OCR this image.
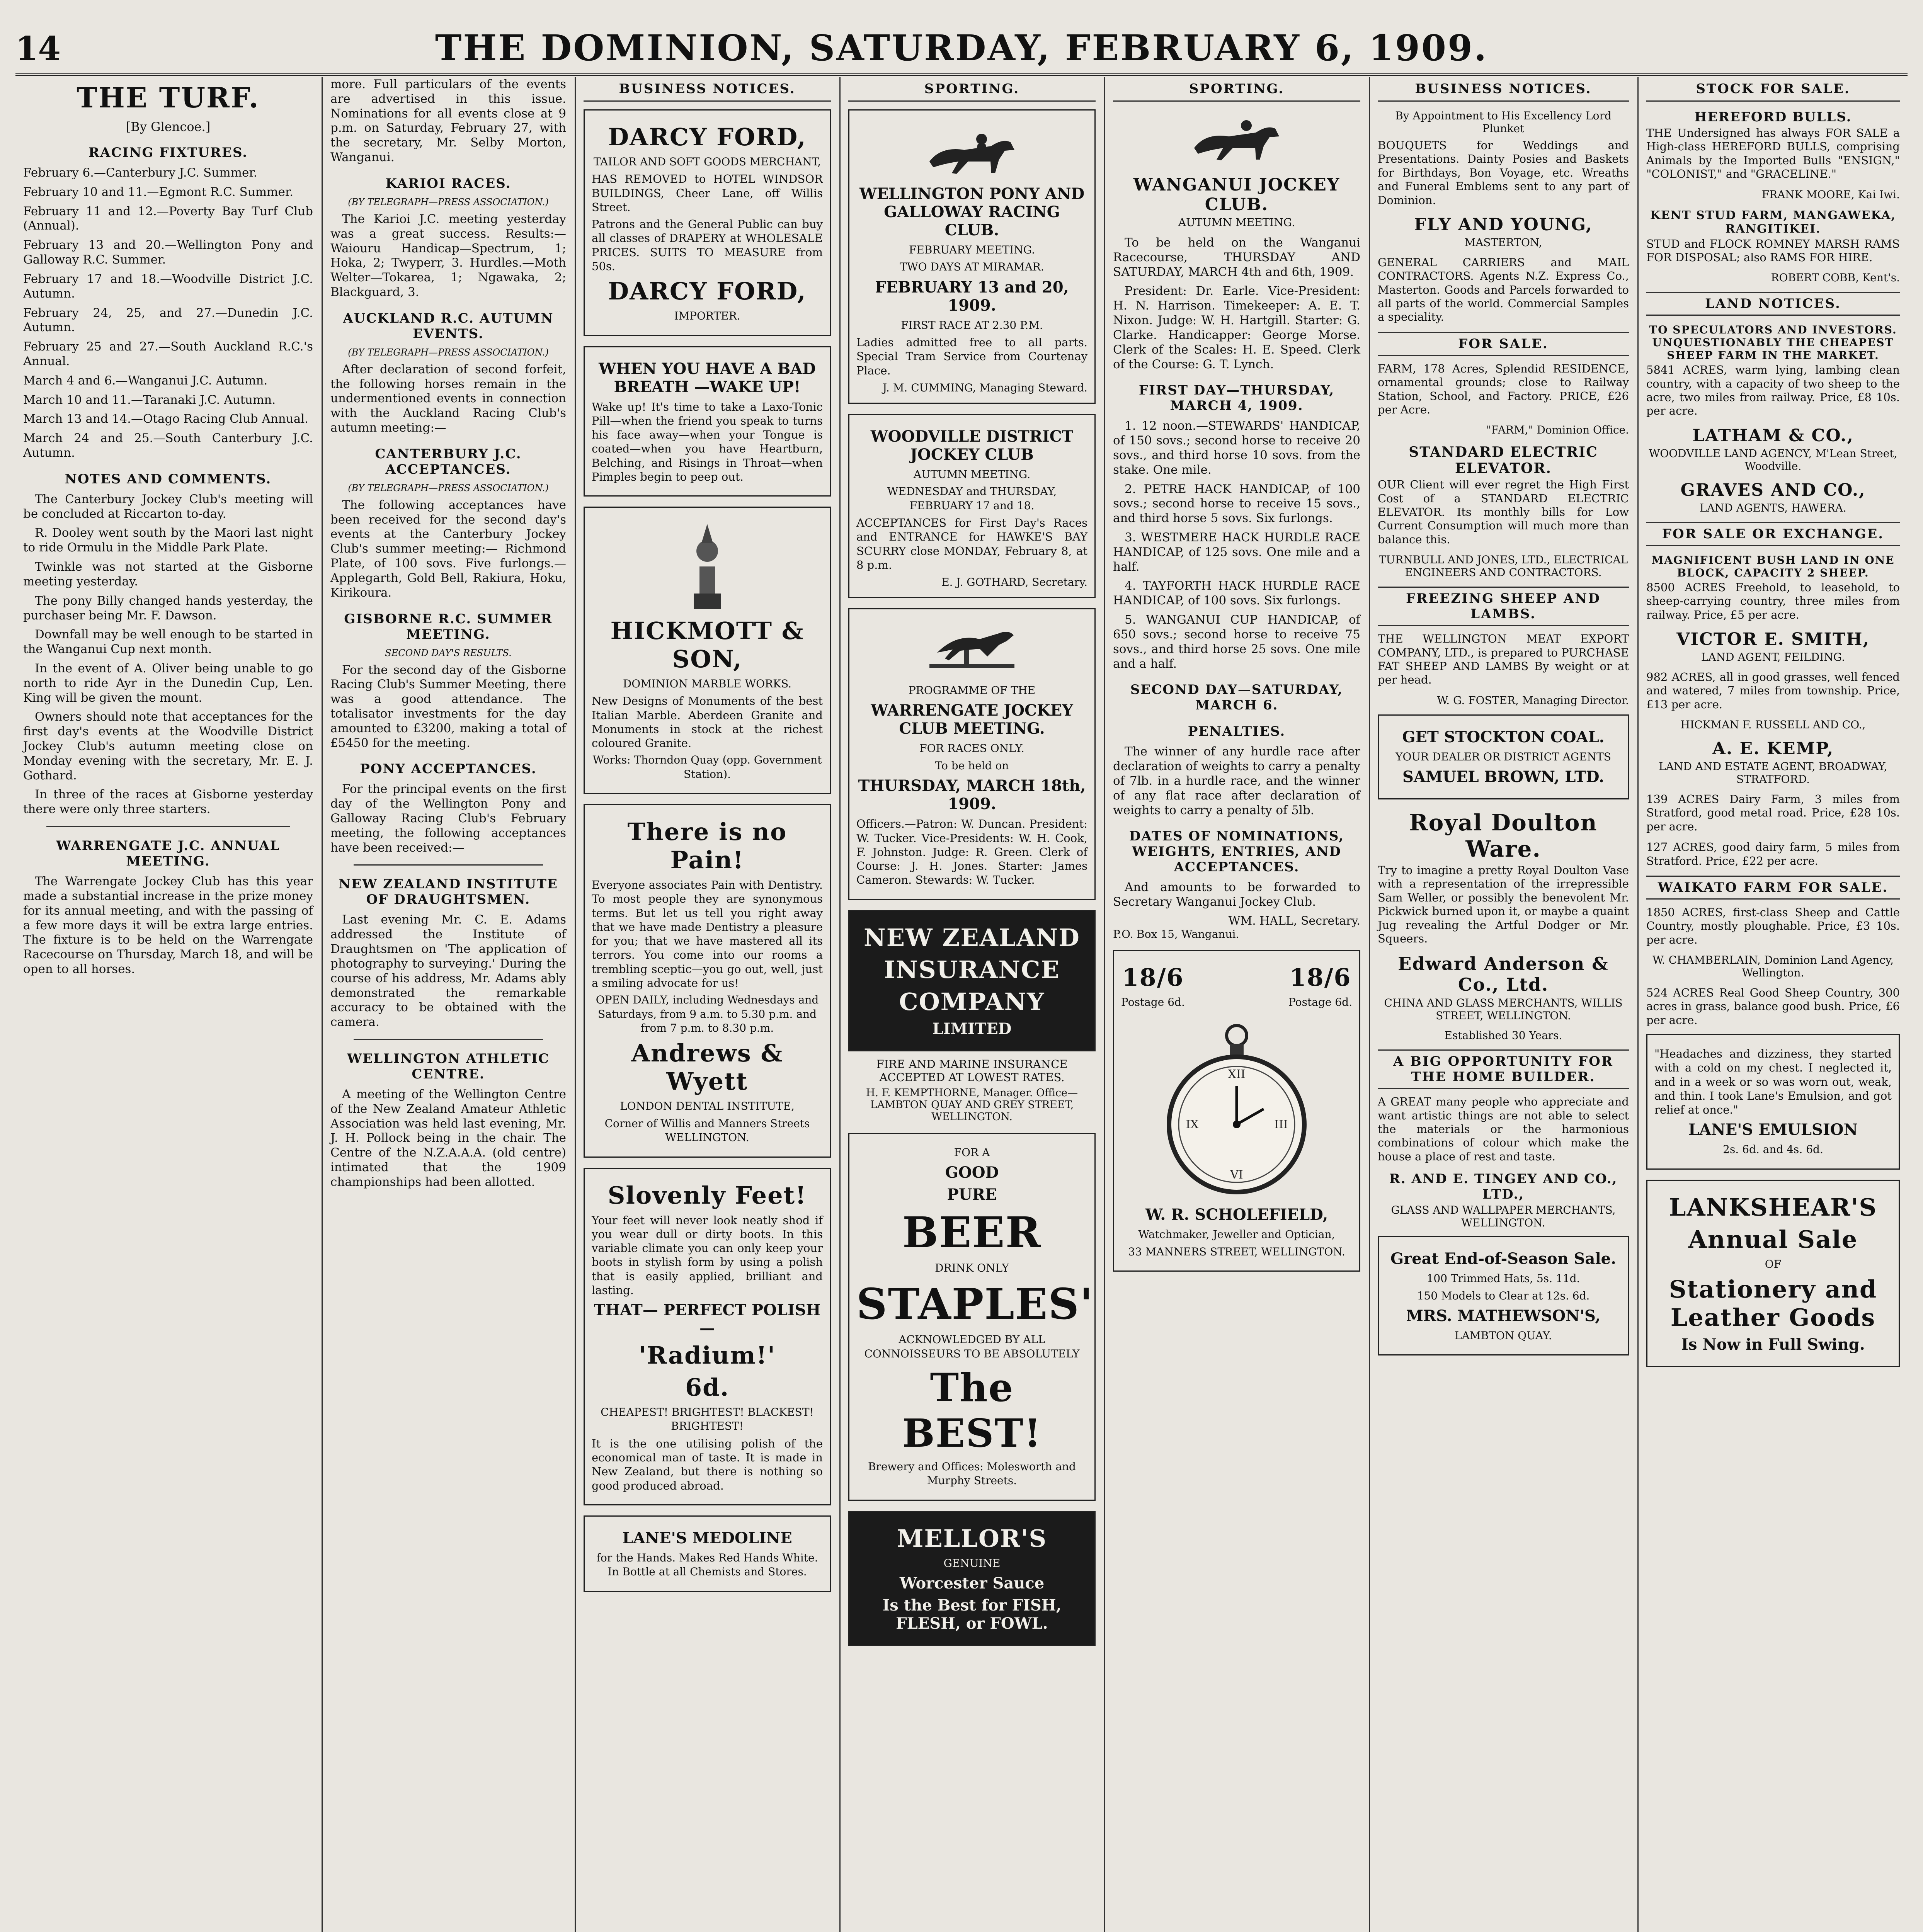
14	THE DOMINION, SATURDAY, FEBRUARY 6, 1909.
THE TURF.
[By Glencoe.]
RACING FIXTURES.

February 6.—Canterbury J.C. Summer.

February 10 and 11.—Egmont R.C. Summer.

February 11 and 12.—Poverty Bay Turf Club (Annual).

February 13 and 20.—Wellington Pony and Galloway R.C. Summer.

February 17 and 18.—Woodville District J.C. Autumn.

February 24, 25, and 27.—Dunedin J.C. Autumn.

February 25 and 27.—South Auckland R.C.'s Annual.

March 4 and 6.—Wanganui J.C. Autumn.

March 10 and 11.—Taranaki J.C. Autumn.

March 13 and 14.—Otago Racing Club Annual.

March 24 and 25.—South Canterbury J.C. Autumn.

NOTES AND COMMENTS.

The Canterbury Jockey Club's meeting will be concluded at Riccarton to-day.

R. Dooley went south by the Maori last night to ride Ormulu in the Middle Park Plate.

Twinkle was not started at the Gisborne meeting yesterday.

The pony Billy changed hands yesterday, the purchaser being Mr. F. Dawson.

Downfall may be well enough to be started in the Wanganui Cup next month.

In the event of A. Oliver being unable to go north to ride Ayr in the Dunedin Cup, Len. King will be given the mount.

Owners should note that acceptances for the first day's events at the Woodville District Jockey Club's autumn meeting close on Monday evening with the secretary, Mr. E. J. Gothard.

In three of the races at Gisborne yesterday there were only three starters.

WARRENGATE J.C. ANNUAL MEETING.

The Warrengate Jockey Club has this year made a substantial increase in the prize money for its annual meeting, and with the passing of a few more days it will be extra large entries. The fixture is to be held on the Warrengate Racecourse on Thursday, March 18, and will be open to all horses.

more. Full particulars of the events are advertised in this issue. Nominations for all events close at 9 p.m. on Saturday, February 27, with the secretary, Mr. Selby Morton, Wanganui.

KARIOI RACES.
(BY TELEGRAPH—PRESS ASSOCIATION.)

The Karioi J.C. meeting yesterday was a great success. Results:—Waiouru Handicap—Spectrum, 1; Hoka, 2; Twyperr, 3. Hurdles.—Moth Welter—Tokarea, 1; Ngawaka, 2; Blackguard, 3.

AUCKLAND R.C. AUTUMN EVENTS.
(BY TELEGRAPH—PRESS ASSOCIATION.)

After declaration of second forfeit, the following horses remain in the undermentioned events in connection with the Auckland Racing Club's autumn meeting:—

CANTERBURY J.C. ACCEPTANCES.
(BY TELEGRAPH—PRESS ASSOCIATION.)

The following acceptances have been received for the second day's events at the Canterbury Jockey Club's summer meeting:— Richmond Plate, of 100 sovs. Five furlongs.—Applegarth, Gold Bell, Rakiura, Hoku, Kirikoura.

GISBORNE R.C. SUMMER MEETING.
SECOND DAY'S RESULTS.

For the second day of the Gisborne Racing Club's Summer Meeting, there was a good attendance. The totalisator investments for the day amounted to £3200, making a total of £5450 for the meeting.

PONY ACCEPTANCES.

For the principal events on the first day of the Wellington Pony and Galloway Racing Club's February meeting, the following acceptances have been received:—

NEW ZEALAND INSTITUTE OF DRAUGHTSMEN.

Last evening Mr. C. E. Adams addressed the Institute of Draughtsmen on 'The application of photography to surveying.' During the course of his address, Mr. Adams ably demonstrated the remarkable accuracy to be obtained with the camera.

WELLINGTON ATHLETIC CENTRE.

A meeting of the Wellington Centre of the New Zealand Amateur Athletic Association was held last evening, Mr. J. H. Pollock being in the chair. The Centre of the N.Z.A.A.A. (old centre) intimated that the 1909 championships had been allotted.

BUSINESS NOTICES.
DARCY FORD,
TAILOR AND SOFT GOODS MERCHANT,
HAS REMOVED to HOTEL WINDSOR BUILDINGS, Cheer Lane, off Willis Street.
Patrons and the General Public can buy all classes of DRAPERY at WHOLESALE PRICES. SUITS TO MEASURE from 50s.
DARCY FORD,
IMPORTER.
WHEN YOU HAVE A BAD BREATH —WAKE UP!
Wake up! It's time to take a Laxo-Tonic Pill—when the friend you speak to turns his face away—when your Tongue is coated—when you have Heartburn, Belching, and Risings in Throat—when Pimples begin to peep out.
HICKMOTT & SON,
DOMINION MARBLE WORKS.
New Designs of Monuments of the best Italian Marble. Aberdeen Granite and Monuments in stock at the richest coloured Granite.
Works: Thorndon Quay (opp. Government Station).
There is no Pain!
Everyone associates Pain with Dentistry. To most people they are synonymous terms. But let us tell you right away that we have made Dentistry a pleasure for you; that we have mastered all its terrors. You come into our rooms a trembling sceptic—you go out, well, just a smiling advocate for us!
OPEN DAILY, including Wednesdays and Saturdays, from 9 a.m. to 5.30 p.m. and from 7 p.m. to 8.30 p.m.
Andrews & Wyett
LONDON DENTAL INSTITUTE,
Corner of Willis and Manners Streets WELLINGTON.
Slovenly Feet!
Your feet will never look neatly shod if you wear dull or dirty boots. In this variable climate you can only keep your boots in stylish form by using a polish that is easily applied, brilliant and lasting.
THAT— PERFECT POLISH—
'Radium!'
6d.
CHEAPEST! BRIGHTEST! BLACKEST! BRIGHTEST!
It is the one utilising polish of the economical man of taste. It is made in New Zealand, but there is nothing so good produced abroad.
LANE'S MEDOLINE
for the Hands. Makes Red Hands White. In Bottle at all Chemists and Stores.
SPORTING.
WELLINGTON PONY AND GALLOWAY RACING CLUB.
FEBRUARY MEETING.
TWO DAYS AT MIRAMAR.
FEBRUARY 13 and 20, 1909.
FIRST RACE AT 2.30 P.M.
Ladies admitted free to all parts. Special Tram Service from Courtenay Place.
J. M. CUMMING, Managing Steward.
WOODVILLE DISTRICT JOCKEY CLUB
AUTUMN MEETING.
WEDNESDAY and THURSDAY, FEBRUARY 17 and 18.
ACCEPTANCES for First Day's Races and ENTRANCE for HAWKE'S BAY SCURRY close MONDAY, February 8, at 8 p.m.
E. J. GOTHARD, Secretary.
PROGRAMME OF THE
WARRENGATE JOCKEY CLUB MEETING.
FOR RACES ONLY.
To be held on
THURSDAY, MARCH 18th, 1909.
Officers.—Patron: W. Duncan. President: W. Tucker. Vice-Presidents: W. H. Cook, F. Johnston. Judge: R. Green. Clerk of Course: J. H. Jones. Starter: James Cameron. Stewards: W. Tucker.
NEW ZEALAND
INSURANCE
COMPANY
LIMITED
FIRE AND MARINE INSURANCE ACCEPTED AT LOWEST RATES.
H. F. KEMPTHORNE, Manager. Office—LAMBTON QUAY AND GREY STREET, WELLINGTON.
FOR A
GOOD
PURE
BEER
DRINK ONLY
STAPLES'
ACKNOWLEDGED BY ALL CONNOISSEURS TO BE ABSOLUTELY
The BEST!
Brewery and Offices: Molesworth and Murphy Streets.
MELLOR'S
GENUINE
Worcester Sauce
Is the Best for FISH, FLESH, or FOWL.
SPORTING.
WANGANUI JOCKEY CLUB.
AUTUMN MEETING.

To be held on the Wanganui Racecourse, THURSDAY AND SATURDAY, MARCH 4th and 6th, 1909.

President: Dr. Earle. Vice-President: H. N. Harrison. Timekeeper: A. E. T. Nixon. Judge: W. H. Hartgill. Starter: G. Clarke. Handicapper: George Morse. Clerk of the Scales: H. E. Speed. Clerk of the Course: G. T. Lynch.

FIRST DAY—THURSDAY, MARCH 4, 1909.

1. 12 noon.—STEWARDS' HANDICAP, of 150 sovs.; second horse to receive 20 sovs., and third horse 10 sovs. from the stake. One mile.

2. PETRE HACK HANDICAP, of 100 sovs.; second horse to receive 15 sovs., and third horse 5 sovs. Six furlongs.

3. WESTMERE HACK HURDLE RACE HANDICAP, of 125 sovs. One mile and a half.

4. TAYFORTH HACK HURDLE RACE HANDICAP, of 100 sovs. Six furlongs.

5. WANGANUI CUP HANDICAP, of 650 sovs.; second horse to receive 75 sovs., and third horse 25 sovs. One mile and a half.

SECOND DAY—SATURDAY, MARCH 6.
PENALTIES.

The winner of any hurdle race after declaration of weights to carry a penalty of 7lb. in a hurdle race, and the winner of any flat race after declaration of weights to carry a penalty of 5lb.

DATES OF NOMINATIONS, WEIGHTS, ENTRIES, AND ACCEPTANCES.

And amounts to be forwarded to Secretary Wanganui Jockey Club.

WM. HALL, Secretary.
P.O. Box 15, Wanganui.
18/6
Postage 6d.
18/6
Postage 6d.
XII
III
VI
IX
W. R. SCHOLEFIELD,
Watchmaker, Jeweller and Optician,
33 MANNERS STREET, WELLINGTON.
BUSINESS NOTICES.
By Appointment to His Excellency Lord Plunket

BOUQUETS for Weddings and Presentations. Dainty Posies and Baskets for Birthdays, Bon Voyage, etc. Wreaths and Funeral Emblems sent to any part of Dominion.

FLY AND YOUNG,
MASTERTON,

GENERAL CARRIERS and MAIL CONTRACTORS. Agents N.Z. Express Co., Masterton. Goods and Parcels forwarded to all parts of the world. Commercial Samples a speciality.

FOR SALE.

FARM, 178 Acres, Splendid RESIDENCE, ornamental grounds; close to Railway Station, School, and Factory. PRICE, £26 per Acre.

"FARM," Dominion Office.
STANDARD ELECTRIC ELEVATOR.

OUR Client will ever regret the High First Cost of a STANDARD ELECTRIC ELEVATOR. Its monthly bills for Low Current Consumption will much more than balance this.

TURNBULL AND JONES, LTD., ELECTRICAL ENGINEERS AND CONTRACTORS.
FREEZING SHEEP AND LAMBS.

THE WELLINGTON MEAT EXPORT COMPANY, LTD., is prepared to PURCHASE FAT SHEEP AND LAMBS By weight or at per head.

W. G. FOSTER, Managing Director.
GET STOCKTON COAL.
YOUR DEALER OR DISTRICT AGENTS
SAMUEL BROWN, LTD.
Royal Doulton Ware.

Try to imagine a pretty Royal Doulton Vase with a representation of the irrepressible Sam Weller, or possibly the benevolent Mr. Pickwick burned upon it, or maybe a quaint Jug revealing the Artful Dodger or Mr. Squeers.

Edward Anderson & Co., Ltd.
CHINA AND GLASS MERCHANTS, WILLIS STREET, WELLINGTON.
Established 30 Years.
A BIG OPPORTUNITY FOR THE HOME BUILDER.

A GREAT many people who appreciate and want artistic things are not able to select the materials or the harmonious combinations of colour which make the house a place of rest and taste.

R. AND E. TINGEY AND CO., LTD.,
GLASS AND WALLPAPER MERCHANTS, WELLINGTON.
Great End-of-Season Sale.
100 Trimmed Hats, 5s. 11d.
150 Models to Clear at 12s. 6d.
MRS. MATHEWSON'S,
LAMBTON QUAY.
STOCK FOR SALE.
HEREFORD BULLS.

THE Undersigned has always FOR SALE a High-class HEREFORD BULLS, comprising Animals by the Imported Bulls "ENSIGN," "COLONIST," and "GRACELINE."

FRANK MOORE, Kai Iwi.
KENT STUD FARM, MANGAWEKA, RANGITIKEI.

STUD and FLOCK ROMNEY MARSH RAMS FOR DISPOSAL; also RAMS FOR HIRE.

ROBERT COBB, Kent's.
LAND NOTICES.
TO SPECULATORS AND INVESTORS. UNQUESTIONABLY THE CHEAPEST SHEEP FARM IN THE MARKET.

5841 ACRES, warm lying, lambing clean country, with a capacity of two sheep to the acre, two miles from railway. Price, £8 10s. per acre.

LATHAM & CO.,
WOODVILLE LAND AGENCY, M'Lean Street, Woodville.
GRAVES AND CO.,
LAND AGENTS, HAWERA.
FOR SALE OR EXCHANGE.
MAGNIFICENT BUSH LAND IN ONE BLOCK, CAPACITY 2 SHEEP.

8500 ACRES Freehold, to leasehold, to sheep-carrying country, three miles from railway. Price, £5 per acre.

VICTOR E. SMITH,
LAND AGENT, FEILDING.

982 ACRES, all in good grasses, well fenced and watered, 7 miles from township. Price, £13 per acre.

HICKMAN F. RUSSELL AND CO.,
A. E. KEMP,
LAND AND ESTATE AGENT, BROADWAY, STRATFORD.

139 ACRES Dairy Farm, 3 miles from Stratford, good metal road. Price, £28 10s. per acre.

127 ACRES, good dairy farm, 5 miles from Stratford. Price, £22 per acre.

WAIKATO FARM FOR SALE.

1850 ACRES, first-class Sheep and Cattle Country, mostly ploughable. Price, £3 10s. per acre.

W. CHAMBERLAIN, Dominion Land Agency, Wellington.

524 ACRES Real Good Sheep Country, 300 acres in grass, balance good bush. Price, £6 per acre.

"Headaches and dizziness, they started with a cold on my chest. I neglected it, and in a week or so was worn out, weak, and thin. I took Lane's Emulsion, and got relief at once."
LANE'S EMULSION
2s. 6d. and 4s. 6d.
LANKSHEAR'S
Annual Sale
OF
Stationery and Leather Goods
Is Now in Full Swing.
